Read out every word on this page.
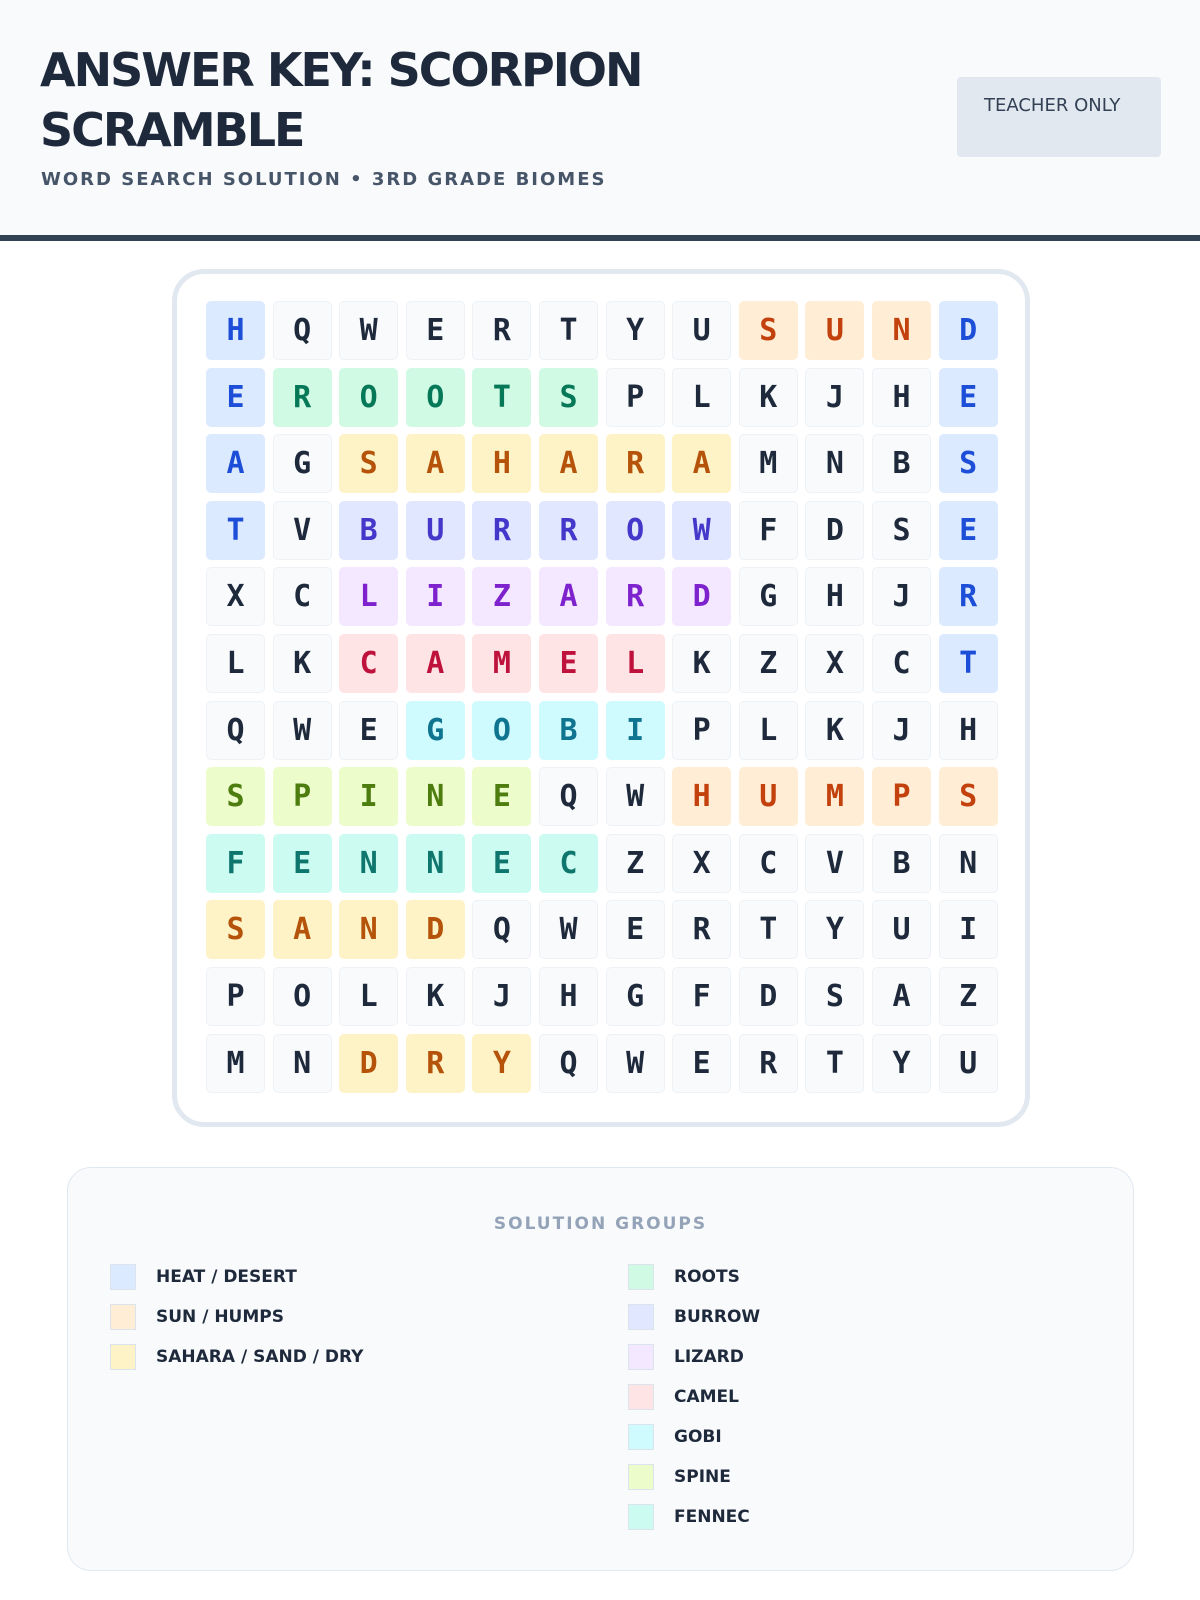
ANSWER KEY: SCORPION SCRAMBLE
WORD SEARCH SOLUTION • 3RD GRADE BIOMES
TEACHER ONLY
H	Q	W	E	R	T	Y	U	S	U	N	D
E	R	O	O	T	S	P	L	K	J	H	E
A	G	S	A	H	A	R	A	M	N	B	S
T	V	B	U	R	R	O	W	F	D	S	E
X	C	L	I	Z	A	R	D	G	H	J	R
L	K	C	A	M	E	L	K	Z	X	C	T
Q	W	E	G	O	B	I	P	L	K	J	H
S	P	I	N	E	Q	W	H	U	M	P	S
F	E	N	N	E	C	Z	X	C	V	B	N
S	A	N	D	Q	W	E	R	T	Y	U	I
P	O	L	K	J	H	G	F	D	S	A	Z
M	N	D	R	Y	Q	W	E	R	T	Y	U
SOLUTION GROUPS
HEAT / DESERT
SUN / HUMPS
SAHARA / SAND / DRY
ROOTS
BURROW
LIZARD
CAMEL
GOBI
SPINE
FENNEC
